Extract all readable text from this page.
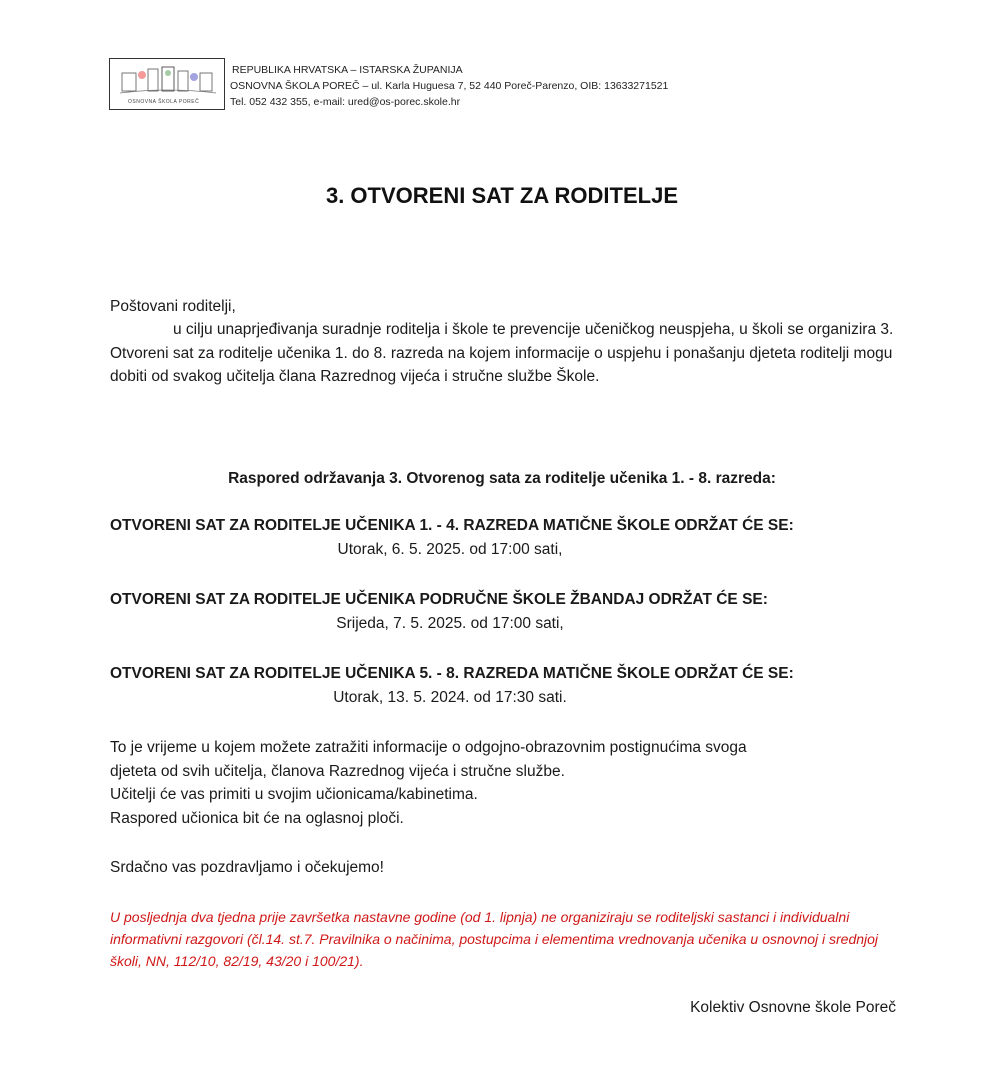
OSNOVNA ŠKOLA POREČ
REPUBLIKA HRVATSKA – ISTARSKA ŽUPANIJA
OSNOVNA ŠKOLA POREČ – ul. Karla Huguesa 7, 52 440 Poreč-Parenzo, OIB: 13633271521
Tel. 052 432 355, e-mail: ured@os-porec.skole.hr
3. OTVORENI SAT ZA RODITELJE
Poštovani roditelji,
u cilju unaprjeđivanja suradnje roditelja i škole te prevencije učeničkog neuspjeha, u školi se organizira 3. Otvoreni sat za roditelje učenika 1. do 8. razreda na kojem informacije o uspjehu i ponašanju djeteta roditelji mogu dobiti od svakog učitelja člana Razrednog vijeća i stručne službe Škole.
Raspored održavanja 3. Otvorenog sata za roditelje učenika 1. - 8. razreda:
OTVORENI SAT ZA RODITELJE UČENIKA 1. - 4. RAZREDA MATIČNE ŠKOLE ODRŽAT ĆE SE:
Utorak, 6. 5. 2025. od 17:00 sati,
OTVORENI SAT ZA RODITELJE UČENIKA PODRUČNE ŠKOLE ŽBANDAJ ODRŽAT ĆE SE:
Srijeda, 7. 5. 2025. od 17:00 sati,
OTVORENI SAT ZA RODITELJE UČENIKA 5. - 8. RAZREDA MATIČNE ŠKOLE ODRŽAT ĆE SE:
Utorak, 13. 5. 2024. od 17:30 sati.
To je vrijeme u kojem možete zatražiti informacije o odgojno-obrazovnim postignućima svoga
djeteta od svih učitelja, članova Razrednog vijeća i stručne službe.
Učitelji će vas primiti u svojim učionicama/kabinetima.
Raspored učionica bit će na oglasnoj ploči.
Srdačno vas pozdravljamo i očekujemo!
U posljednja dva tjedna prije završetka nastavne godine (od 1. lipnja) ne organiziraju se roditeljski sastanci i individualni informativni razgovori (čl.14. st.7. Pravilnika o načinima, postupcima i elementima vrednovanja učenika u osnovnoj i srednjoj školi, NN, 112/10, 82/19, 43/20 i 100/21).
Kolektiv Osnovne škole Poreč
